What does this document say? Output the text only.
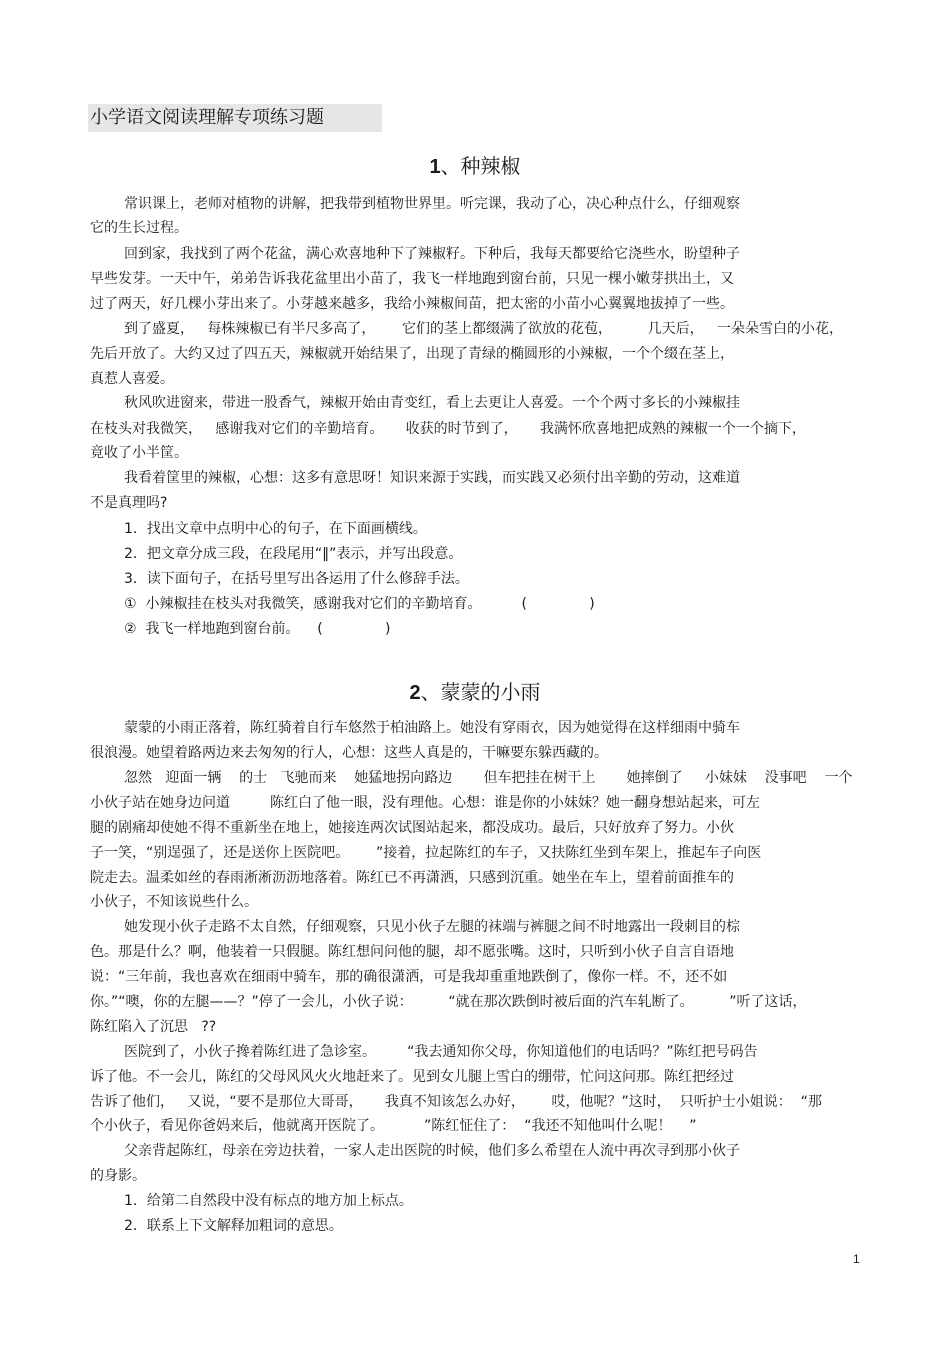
小学语文阅读理解专项练习题
1、种辣椒
常识课上，老师对植物的讲解，把我带到植物世界里。听完课，我动了心，决心种点什么，仔细观察
它的生长过程。
回到家，我找到了两个花盆，满心欢喜地种下了辣椒籽。下种后，我每天都要给它浇些水，盼望种子
早些发芽。一天中午，弟弟告诉我花盆里出小苗了，我飞一样地跑到窗台前，只见一棵小嫩芽拱出土，又
过了两天，好几棵小芽出来了。小芽越来越多，我给小辣椒间苗，把太密的小苗小心翼翼地拔掉了一些。
到了盛夏，   每株辣椒已有半尺多高了，      它们的茎上都缀满了欲放的花苞，        几天后，   一朵朵雪白的小花，
先后开放了。大约又过了四五天，辣椒就开始结果了，出现了青绿的椭圆形的小辣椒，一个个缀在茎上，
真惹人喜爱。
秋风吹进窗来，带进一股香气，辣椒开始由青变红，看上去更让人喜爱。一个个两寸多长的小辣椒挂
在枝头对我微笑，   感谢我对它们的辛勤培育。     收获的时节到了，     我满怀欣喜地把成熟的辣椒一个一个摘下，
竟收了小半筐。
我看着筐里的辣椒，心想：这多有意思呀！知识来源于实践，而实践又必须付出辛勤的劳动，这难道
不是真理吗?
1．找出文章中点明中心的句子，在下面画横线。
2．把文章分成三段，在段尾用“‖”表示，并写出段意。
3．读下面句子，在括号里写出各运用了什么修辞手法。
①  小辣椒挂在枝头对我微笑，感谢我对它们的辛勤培育。         (              )
②  我飞一样地跑到窗台前。    (              )
2、蒙蒙的小雨
蒙蒙的小雨正落着，陈红骑着自行车悠然于柏油路上。她没有穿雨衣，因为她觉得在这样细雨中骑车
很浪漫。她望着路两边来去匆匆的行人，心想：这些人真是的，干嘛要东躲西藏的。
忽然   迎面一辆    的士   飞驰而来    她猛地拐向路边       但车把挂在树干上       她摔倒了     小妹妹    没事吧    一个
小伙子站在她身边问道         陈红白了他一眼，没有理他。心想：谁是你的小妹妹？她一翻身想站起来，可左
腿的剧痛却使她不得不重新坐在地上，她接连两次试图站起来，都没成功。最后，只好放弃了努力。小伙
子一笑，“别逞强了，还是送你上医院吧。      ”接着，拉起陈红的车子，又扶陈红坐到车架上，推起车子向医
院走去。温柔如丝的春雨淅淅沥沥地落着。陈红已不再潇洒，只感到沉重。她坐在车上，望着前面推车的
小伙子，不知该说些什么。
她发现小伙子走路不太自然，仔细观察，只见小伙子左腿的袜端与裤腿之间不时地露出一段刺目的棕
色。那是什么？啊，他装着一只假腿。陈红想问问他的腿，却不愿张嘴。这时，只听到小伙子自言自语地
说：“三年前，我也喜欢在细雨中骑车，那的确很潇洒，可是我却重重地跌倒了，像你一样。不，还不如
你。”“噢，你的左腿——？”停了一会儿，小伙子说：        “就在那次跌倒时被后面的汽车轧断了。        ”听了这话，
陈红陷入了沉思   ??
医院到了，小伙子搀着陈红进了急诊室。       “我去通知你父母，你知道他们的电话吗？”陈红把号码告
诉了他。不一会儿，陈红的父母风风火火地赶来了。见到女儿腿上雪白的绷带，忙问这问那。陈红把经过
告诉了他们，   又说，“要不是那位大哥哥，     我真不知该怎么办好，      哎，他呢？”这时，  只听护士小姐说：  “那
个小伙子，看见你爸妈来后，他就离开医院了。         ”陈红怔住了：  “我还不知他叫什么呢！    ”
父亲背起陈红，母亲在旁边扶着，一家人走出医院的时候，他们多么希望在人流中再次寻到那小伙子
的身影。
1．给第二自然段中没有标点的地方加上标点。
2．联系上下文解释加粗词的意思。
1
